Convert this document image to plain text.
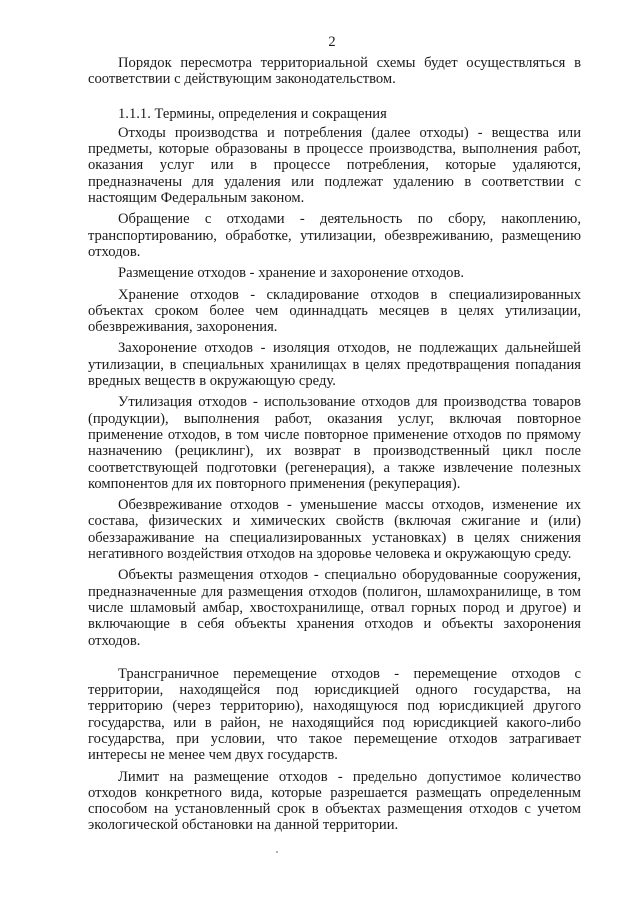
2

Порядок пересмотра территориальной схемы будет осуществляться в соответствии с действующим законодательством.

1.1.1. Термины, определения и сокращения

Отходы производства и потребления (далее отходы) - вещества или предметы, которые образованы в процессе производства, выполнения работ, оказания услуг или в процессе потребления, которые удаляются, предназначены для удаления или подлежат удалению в соответствии с настоящим Федеральным законом.

Обращение с отходами - деятельность по сбору, накоплению, транспортированию, обработке, утилизации, обезвреживанию, размещению отходов.

Размещение отходов - хранение и захоронение отходов.

Хранение отходов - складирование отходов в специализированных объектах сроком более чем одиннадцать месяцев в целях утилизации, обезвреживания, захоронения.

Захоронение отходов - изоляция отходов, не подлежащих дальнейшей утилизации, в специальных хранилищах в целях предотвращения попадания вредных веществ в окружающую среду.

Утилизация отходов - использование отходов для производства товаров (продукции), выполнения работ, оказания услуг, включая повторное применение отходов, в том числе повторное применение отходов по прямому назначению (рециклинг), их возврат в производственный цикл после соответствующей подготовки (регенерация), а также извлечение полезных компонентов для их повторного применения (рекуперация).

Обезвреживание отходов - уменьшение массы отходов, изменение их состава, физических и химических свойств (включая сжигание и (или) обеззараживание на специализированных установках) в целях снижения негативного воздействия отходов на здоровье человека и окружающую среду.

Объекты размещения отходов - специально оборудованные сооружения, предназначенные для размещения отходов (полигон, шламохранилище, в том числе шламовый амбар, хвостохранилище, отвал горных пород и другое) и включающие в себя объекты хранения отходов и объекты захоронения отходов.

Трансграничное перемещение отходов - перемещение отходов с территории, находящейся под юрисдикцией одного государства, на территорию (через территорию), находящуюся под юрисдикцией другого государства, или в район, не находящийся под юрисдикцией какого-либо государства, при условии, что такое перемещение отходов затрагивает интересы не менее чем двух государств.

Лимит на размещение отходов - предельно допустимое количество отходов конкретного вида, которые разрешается размещать определенным способом на установленный срок в объектах размещения отходов с учетом экологической обстановки на данной территории.
